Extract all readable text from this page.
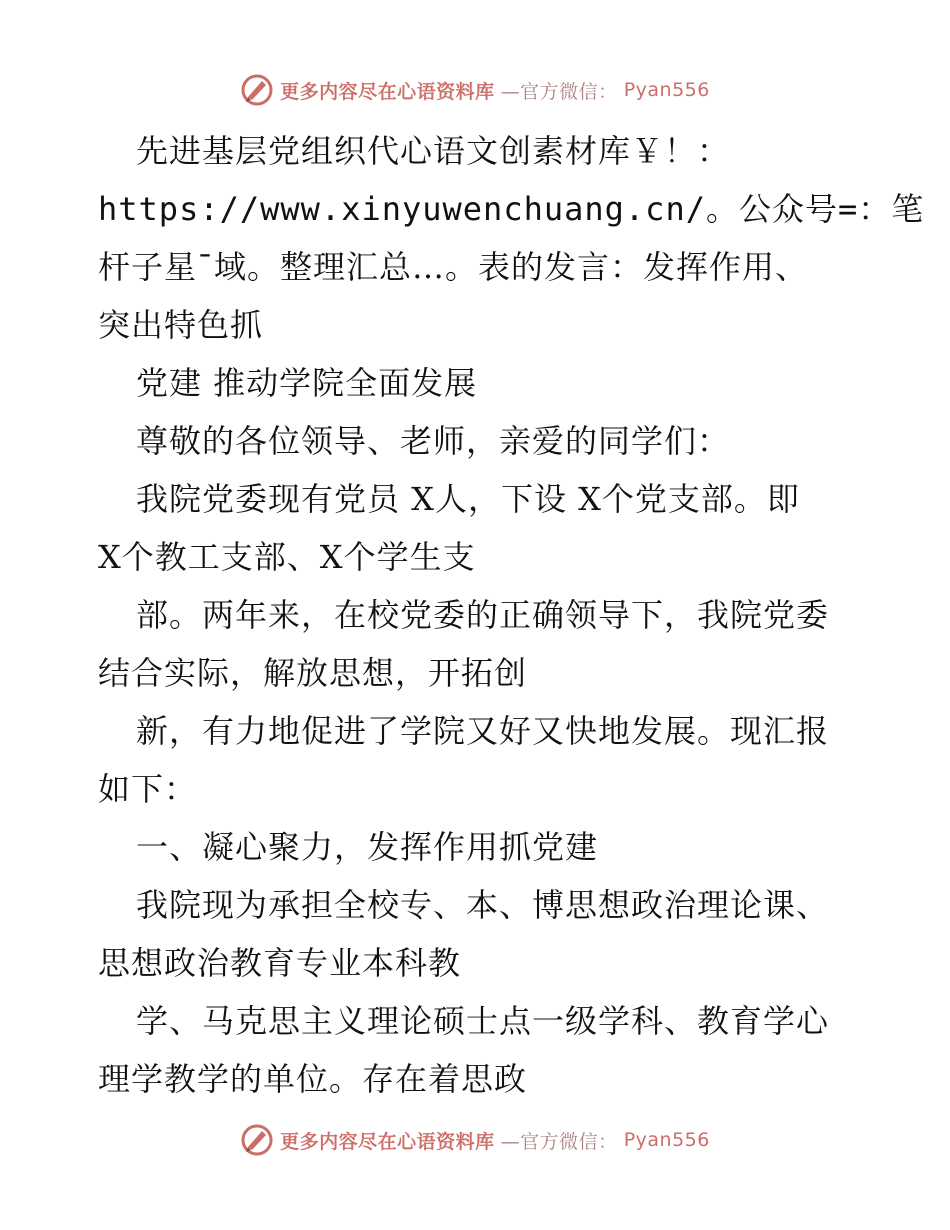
更多内容尽在心语资料库 —官方微信： Pyan556
先进基层党组织代心语文创素材库￥！：
https://www.xinyuwenchuang.cn/。公众号=：笔
杆子星¯域。整理汇总…。表的发言：发挥作用、
突出特色抓
党建 推动学院全面发展
尊敬的各位领导、老师，亲爱的同学们：
我院党委现有党员 X人，下设 X个党支部。即
X个教工支部、X个学生支
部。两年来，在校党委的正确领导下，我院党委
结合实际，解放思想，开拓创
新，有力地促进了学院又好又快地发展。现汇报
如下：
一、凝心聚力，发挥作用抓党建
我院现为承担全校专、本、博思想政治理论课、
思想政治教育专业本科教
学、马克思主义理论硕士点一级学科、教育学心
理学教学的单位。存在着思政
更多内容尽在心语资料库 —官方微信： Pyan556
